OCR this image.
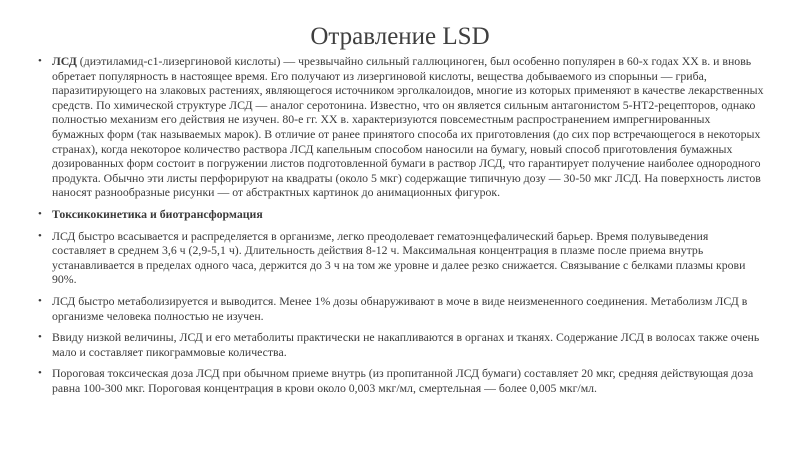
Отравление LSD
• ЛСД (диэтиламид-с1-лизергиновой кислоты) — чрезвычайно сильный галлюциноген, был особенно популярен в 60-х годах XX в. и вновь обретает популярность в настоящее время. Его получают из лизергиновой кислоты, вещества добываемого из спорыньи — гриба, паразитирующего на злаковых растениях, являющегося источником эрголкалоидов, многие из которых применяют в качестве лекарственных средств. По химической структуре ЛСД — аналог серотонина. Известно, что он является сильным антагонистом 5-НТ2-рецепторов, однако полностью механизм его действия не изучен. 80-е гг. XX в. характеризуются повсеместным распространением импрегнированных бумажных форм (так называемых марок). В отличие от ранее принятого способа их приготовления (до сих пор встречающегося в некоторых странах), когда некоторое количество раствора ЛСД капельным способом наносили на бумагу, новый способ приготовления бумажных дозированных форм состоит в погружении листов подготовленной бумаги в раствор ЛСД, что гарантирует получение наиболее однородного продукта. Обычно эти листы перфорируют на квадраты (около 5 мкг) содержащие типичную дозу — 30-50 мкг ЛСД. На поверхность листов наносят разнообразные рисунки — от абстрактных картинок до анимационных фигурок.
• Токсикокинетика и биотрансформация
• ЛСД быстро всасывается и распределяется в организме, легко преодолевает гематоэнцефалический барьер. Время полувыведения составляет в среднем 3,6 ч (2,9-5,1 ч). Длительность действия 8-12 ч. Максимальная концентрация в плазме после приема внутрь устанавливается в пределах одного часа, держится до 3 ч на том же уровне и далее резко снижается. Связывание с белками плазмы крови 90%.
• ЛСД быстро метаболизируется и выводится. Менее 1% дозы обнаруживают в моче в виде неизмененного соединения. Метаболизм ЛСД в организме человека полностью не изучен.
• Ввиду низкой величины, ЛСД и его метаболиты практически не накапливаются в органах и тканях. Содержание ЛСД в волосах также очень мало и составляет пикограммовые количества.
• Пороговая токсическая доза ЛСД при обычном приеме внутрь (из пропитанной ЛСД бумаги) составляет 20 мкг, средняя действующая доза равна 100-300 мкг. Пороговая концентрация в крови около 0,003 мкг/мл, смертельная — более 0,005 мкг/мл.
